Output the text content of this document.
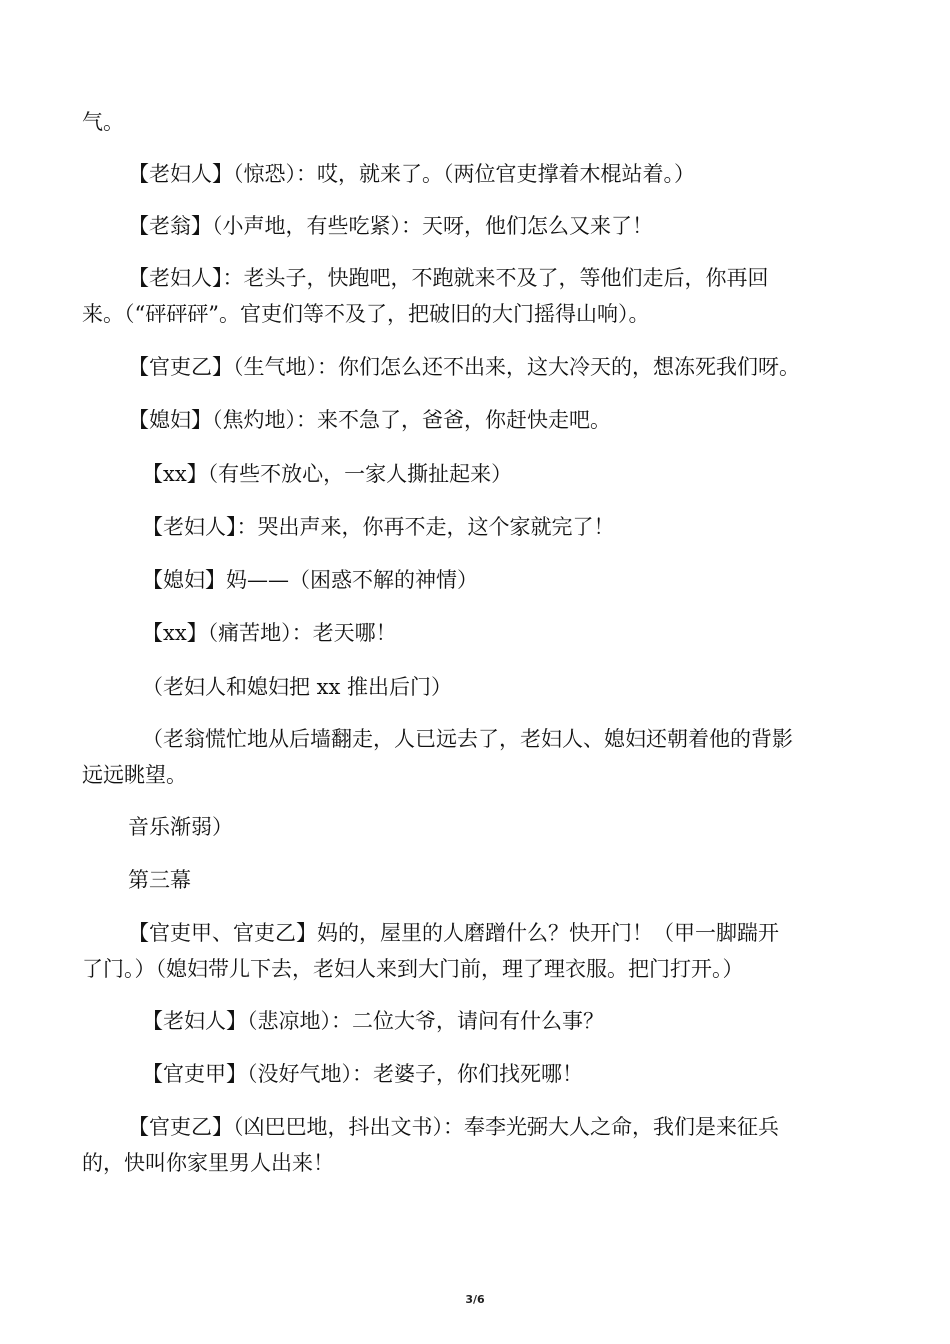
气。

【老妇人】（惊恐）：哎，就来了。（两位官吏撑着木棍站着。）

【老翁】（小声地，有些吃紧）：天呀，他们怎么又来了！

【老妇人】：老头子，快跑吧，不跑就来不及了，等他们走后，你再回

来。（“砰砰砰”。官吏们等不及了，把破旧的大门摇得山响）。

【官吏乙】（生气地）：你们怎么还不出来，这大冷天的，想冻死我们呀。

【媳妇】（焦灼地）：来不急了，爸爸，你赶快走吧。

【xx】（有些不放心，一家人撕扯起来）

【老妇人】：哭出声来，你再不走，这个家就完了！

【媳妇】妈——（困惑不解的神情）

【xx】（痛苦地）：老天哪！

（老妇人和媳妇把 xx 推出后门）

（老翁慌忙地从后墙翻走，人已远去了，老妇人、媳妇还朝着他的背影

远远眺望。

音乐渐弱）

第三幕

【官吏甲、官吏乙】妈的，屋里的人磨蹭什么？快开门！（甲一脚踹开

了门。）（媳妇带儿下去，老妇人来到大门前，理了理衣服。把门打开。）

【老妇人】（悲凉地）：二位大爷，请问有什么事？

【官吏甲】（没好气地）：老婆子，你们找死哪！

【官吏乙】（凶巴巴地，抖出文书）：奉李光弼大人之命，我们是来征兵

的，快叫你家里男人出来！

3/6
